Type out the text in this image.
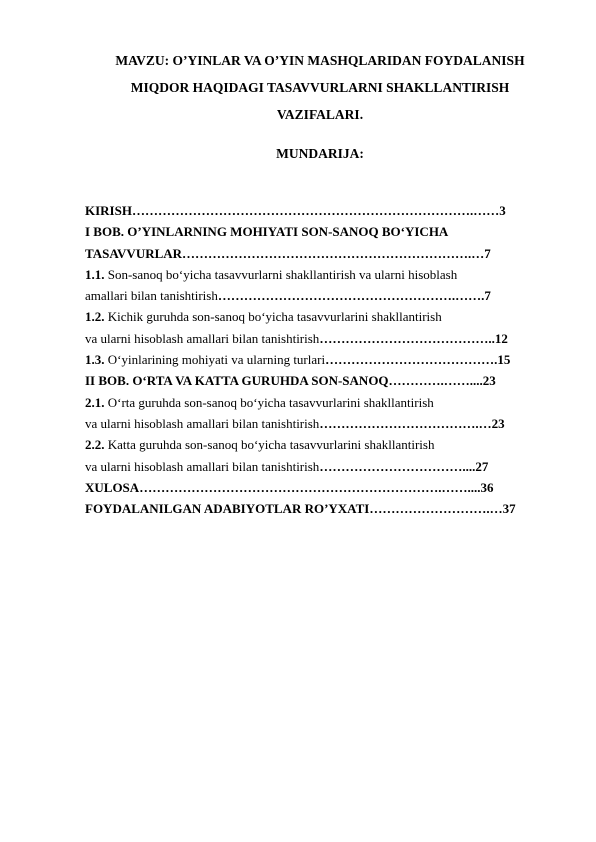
MAVZU: O’YINLAR VA O’YIN MASHQLARIDAN FOYDALANISH
MIQDOR HAQIDAGI TASAVVURLARNI SHAKLLANTIRISH
VAZIFALARI.
MUNDARIJA:
KIRISH…………………………………………………………………….……3
I BOB. O’YINLARNING MOHIYATI SON-SANOQ BO‘YICHA
TASAVVURLAR………………………………………………………….…7
1.1. Son-sanoq bo‘yicha tasavvurlarni shakllantirish va ularni hisoblash
amallari bilan tanishtirish……………………………………………….…….7
1.2. Kichik guruhda son-sanoq bo‘yicha tasavvurlarini shakllantirish
va ularni hisoblash amallari bilan tanishtirish…………………………………..12
1.3. O‘yinlarining mohiyati va ularning turlari………………………………….15
II BOB. O‘RTA VA KATTA GURUHDA SON-SANOQ………….……....23
2.1. O‘rta guruhda son-sanoq bo‘yicha tasavvurlarini shakllantirish
va ularni hisoblash amallari bilan tanishtirish……………………………….…23
2.2. Katta guruhda son-sanoq bo‘yicha tasavvurlarini shakllantirish
va ularni hisoblash amallari bilan tanishtirish……………………………....27
XULOSA…………………………………………………………….……....36
FOYDALANILGAN ADABIYOTLAR RO’YXATI……………………….…37
